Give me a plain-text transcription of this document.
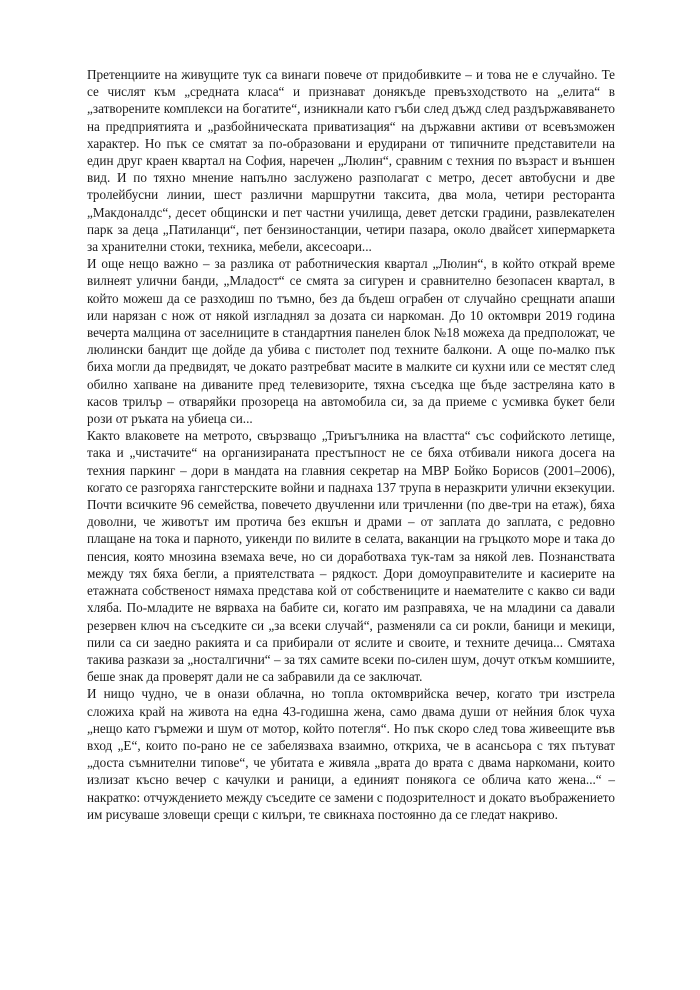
Претенциите на живущите тук са винаги повече от придобивките – и това не е случайно. Те се числят към „средната класа“ и признават донякъде превъзходството на „елита“ в „затворените комплекси на богатите“, изникнали като гъби след дъжд след раздържавяването на предприятията и „разбойническата приватизация“ на държавни активи от всевъзможен характер. Но пък се смятат за по-образовани и ерудирани от типичните представители на един друг краен квартал на София, наречен „Люлин“, сравним с техния по възраст и външен вид. И по тяхно мнение напълно заслужено разполагат с метро, десет автобусни и две тролейбусни линии, шест различни маршрутни таксита, два мола, четири ресторанта „Макдоналдс“, десет общински и пет частни училища, девет детски градини, развлекателен парк за деца „Патиланци“, пет бензиностанции, четири пазара, около двайсет хипермаркета за хранителни стоки, техника, мебели, аксесоари...

И още нещо важно – за разлика от работническия квартал „Люлин“, в който открай време вилнеят улични банди, „Младост“ се смята за сигурен и сравнително безопасен квартал, в който можеш да се разходиш по тъмно, без да бъдеш ограбен от случайно срещнати апаши или нарязан с нож от някой изгладнял за дозата си наркоман. До 10 октомври 2019 година вечерта малцина от заселниците в стандартния панелен блок №18 можеха да предположат, че люлински бандит ще дойде да убива с пистолет под техните балкони. А още по-малко пък биха могли да предвидят, че докато разтребват масите в малките си кухни или се местят след обилно хапване на диваните пред телевизорите, тяхна съседка ще бъде застреляна като в касов трилър – отваряйки прозореца на автомобила си, за да приеме с усмивка букет бели рози от ръката на убиеца си...

Както влаковете на метрото, свързващо „Триъгълника на властта“ със софийското летище, така и „чистачите“ на организираната престъпност не се бяха отбивали никога досега на техния паркинг – дори в мандата на главния секретар на МВР Бойко Борисов (2001–2006), когато се разгоряха гангстерските войни и паднаха 137 трупа в неразкрити улични екзекуции. Почти всичките 96 семейства, повечето двучленни или тричленни (по две-три на етаж), бяха доволни, че животът им протича без екшън и драми – от заплата до заплата, с редовно плащане на тока и парното, уикенди по вилите в селата, ваканции на гръцкото море и така до пенсия, която мнозина вземаха вече, но си доработваха тук-там за някой лев. Познанствата между тях бяха бегли, а приятелствата – рядкост. Дори домоуправителите и касиерите на етажната собственост нямаха представа кой от собствениците и наемателите с какво си вади хляба. По-младите не вярваха на бабите си, когато им разправяха, че на младини са давали резервен ключ на съседките си „за всеки случай“, разменяли са си рокли, баници и мекици, пили са си заедно ракията и са прибирали от яслите и своите, и техните дечица... Смятаха такива разкази за „носталгични“ – за тях самите всеки по-силен шум, дочут откъм комшиите, беше знак да проверят дали не са забравили да се заключат.

И нищо чудно, че в онази облачна, но топла октомврийска вечер, когато три изстрела сложиха край на живота на една 43-годишна жена, само двама души от нейния блок чуха „нещо като гърмежи и шум от мотор, който потегля“. Но пък скоро след това живеещите във вход „Е“, които по-рано не се забелязваха взаимно, откриха, че в асансьора с тях пътуват „доста съмнителни типове“, че убитата е живяла „врата до врата с двама наркомани, които излизат късно вечер с качулки и раници, а единият понякога се облича като жена...“ – накратко: отчуждението между съседите се замени с подозрителност и докато въображението им рисуваше зловещи срещи с килъри, те свикнаха постоянно да се гледат накриво.
